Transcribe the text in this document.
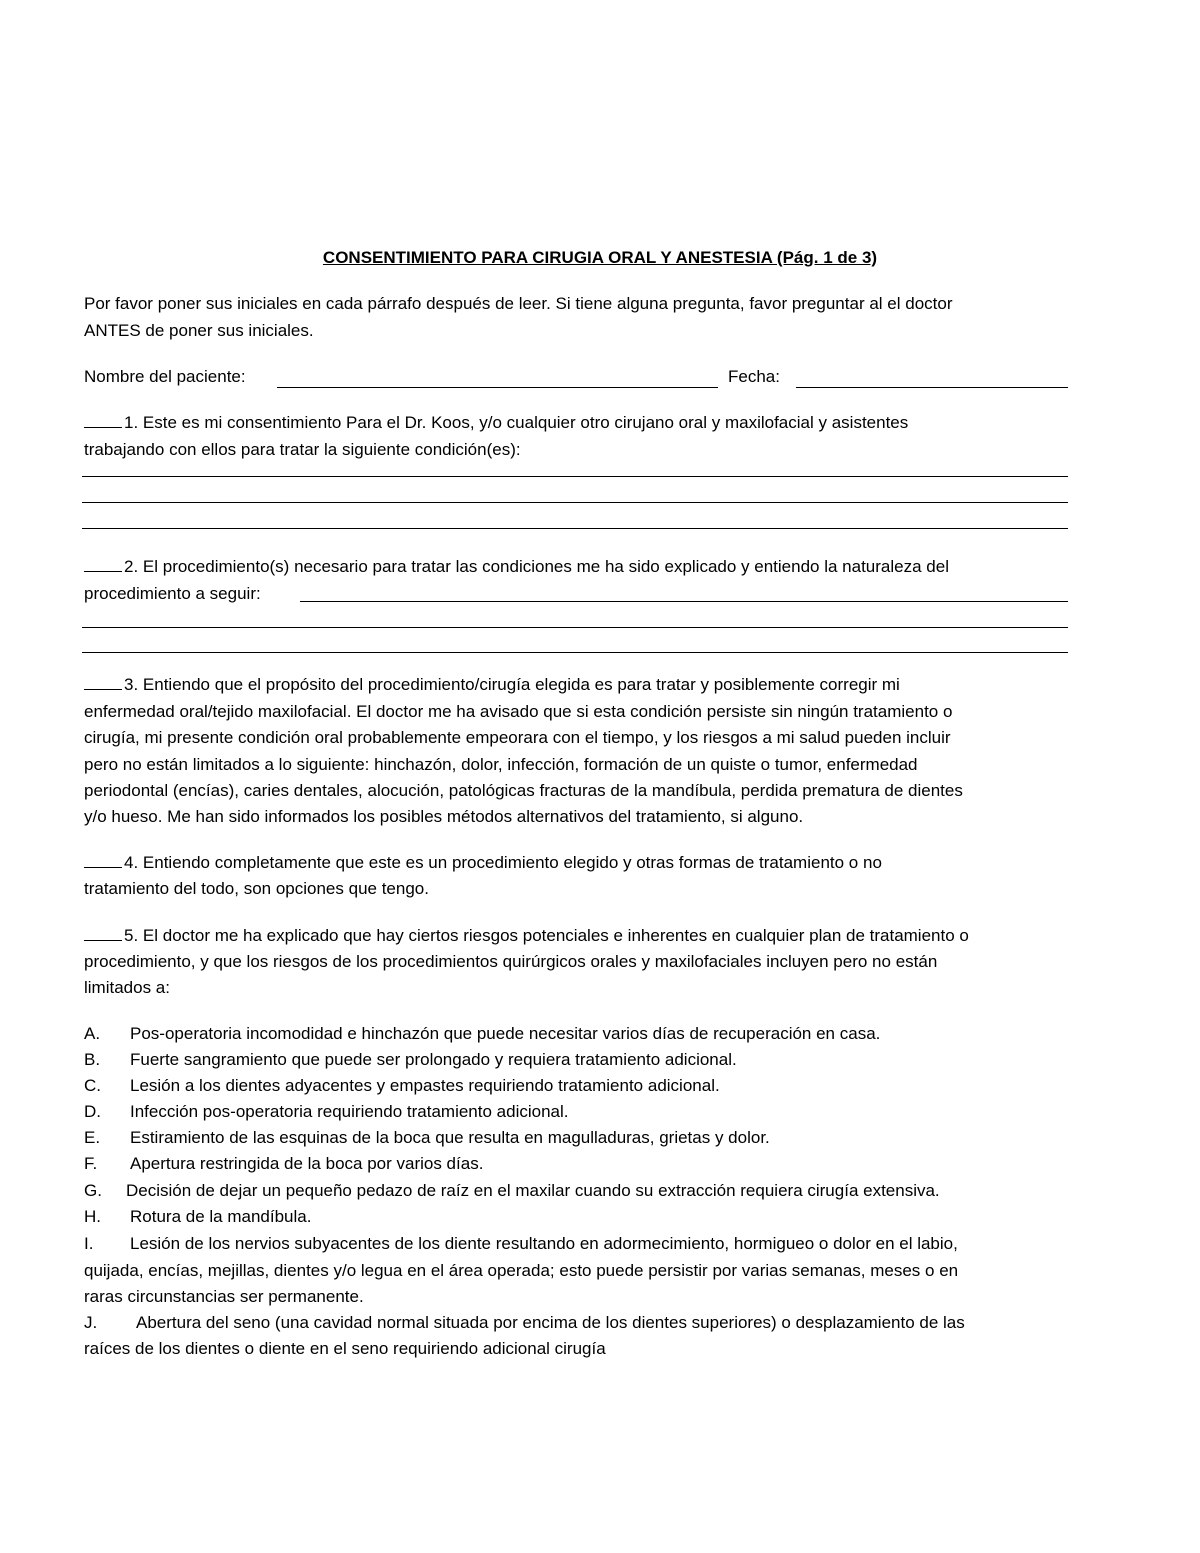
CONSENTIMIENTO PARA CIRUGIA ORAL Y ANESTESIA (Pág. 1 de 3)
Por favor poner sus iniciales en cada párrafo después de leer. Si tiene alguna pregunta, favor preguntar al el doctor
ANTES de poner sus iniciales.
Nombre del paciente:	Fecha:
1. Este es mi consentimiento Para el Dr. Koos, y/o cualquier otro cirujano oral y maxilofacial y asistentes
trabajando con ellos para tratar la siguiente condición(es):
2. El procedimiento(s) necesario para tratar las condiciones me ha sido explicado y entiendo la naturaleza del
procedimiento a seguir:
3. Entiendo que el propósito del procedimiento/cirugía elegida es para tratar y posiblemente corregir mi
enfermedad oral/tejido maxilofacial. El doctor me ha avisado que si esta condición persiste sin ningún tratamiento o
cirugía, mi presente condición oral probablemente empeorara con el tiempo, y los riesgos a mi salud pueden incluir
pero no están limitados a lo siguiente: hinchazón, dolor, infección, formación de un quiste o tumor, enfermedad
periodontal (encías), caries dentales, alocución, patológicas fracturas de la mandíbula, perdida prematura de dientes
y/o hueso. Me han sido informados los posibles métodos alternativos del tratamiento, si alguno.
4. Entiendo completamente que este es un procedimiento elegido y otras formas de tratamiento o no
tratamiento del todo, son opciones que tengo.
5. El doctor me ha explicado que hay ciertos riesgos potenciales e inherentes en cualquier plan de tratamiento o
procedimiento, y que los riesgos de los procedimientos quirúrgicos orales y maxilofaciales incluyen pero no están
limitados a:
A. Pos-operatoria incomodidad e hinchazón que puede necesitar varios días de recuperación en casa.
B. Fuerte sangramiento que puede ser prolongado y requiera tratamiento adicional.
C. Lesión a los dientes adyacentes y empastes requiriendo tratamiento adicional.
D. Infección pos-operatoria requiriendo tratamiento adicional.
E. Estiramiento de las esquinas de la boca que resulta en magulladuras, grietas y dolor.
F. Apertura restringida de la boca por varios días.
G. Decisión de dejar un pequeño pedazo de raíz en el maxilar cuando su extracción requiera cirugía extensiva.
H. Rotura de la mandíbula.
I. Lesión de los nervios subyacentes de los diente resultando en adormecimiento, hormigueo o dolor en el labio,
quijada, encías, mejillas, dientes y/o legua en el área operada; esto puede persistir por varias semanas, meses o en
raras circunstancias ser permanente.
J. Abertura del seno (una cavidad normal situada por encima de los dientes superiores) o desplazamiento de las
raíces de los dientes o diente en el seno requiriendo adicional cirugía
